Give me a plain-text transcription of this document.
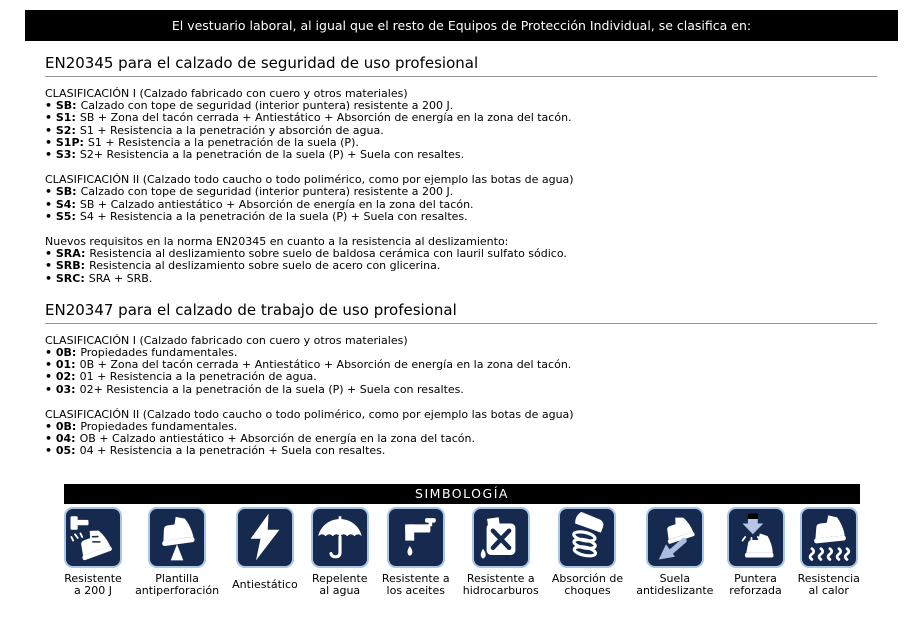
El vestuario laboral, al igual que el resto de Equipos de Protección Individual, se clasifica en:
EN20345 para el calzado de seguridad de uso profesional
CLASIFICACIÓN I (Calzado fabricado con cuero y otros materiales)
• SB: Calzado con tope de seguridad (interior puntera) resistente a 200 J.
• S1: SB + Zona del tacón cerrada + Antiestático + Absorción de energía en la zona del tacón.
• S2: S1 + Resistencia a la penetración y absorción de agua.
• S1P: S1 + Resistencia a la penetración de la suela (P).
• S3: S2+ Resistencia a la penetración de la suela (P) + Suela con resaltes.
CLASIFICACIÓN II (Calzado todo caucho o todo polimérico, como por ejemplo las botas de agua)
• SB: Calzado con tope de seguridad (interior puntera) resistente a 200 J.
• S4: SB + Calzado antiestático + Absorción de energía en la zona del tacón.
• S5: S4 + Resistencia a la penetración de la suela (P) + Suela con resaltes.
Nuevos requisitos en la norma EN20345 en cuanto a la resistencia al deslizamiento:
• SRA: Resistencia al deslizamiento sobre suelo de baldosa cerámica con lauril sulfato sódico.
• SRB: Resistencia al deslizamiento sobre suelo de acero con glicerina.
• SRC: SRA + SRB.
EN20347 para el calzado de trabajo de uso profesional
CLASIFICACIÓN I (Calzado fabricado con cuero y otros materiales)
• 0B: Propiedades fundamentales.
• 01: 0B + Zona del tacón cerrada + Antiestático + Absorción de energía en la zona del tacón.
• 02: 01 + Resistencia a la penetración de agua.
• 03: 02+ Resistencia a la penetración de la suela (P) + Suela con resaltes.
CLASIFICACIÓN II (Calzado todo caucho o todo polimérico, como por ejemplo las botas de agua)
• 0B: Propiedades fundamentales.
• 04: OB + Calzado antiestático + Absorción de energía en la zona del tacón.
• 05: 04 + Resistencia a la penetración + Suela con resaltes.
SIMBOLOGÍA
Resistente
a 200 J
Plantilla
antiperforación Antiestático Repelente
al agua
Resistente a
los aceites
Resistente a
hidrocarburos
Absorción de
choques
Suela
antideslizante
Puntera
reforzada
Resistencia
al calor
